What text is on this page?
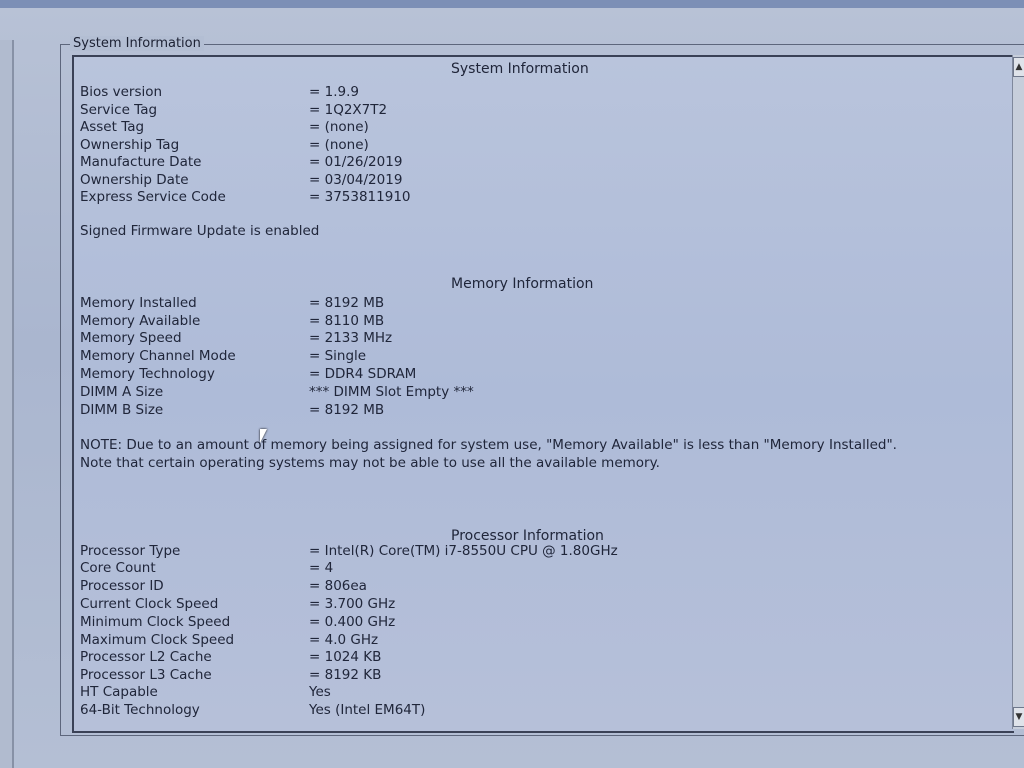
System Information
System Information
Bios version	= 1.9.9
Service Tag	= 1Q2X7T2
Asset Tag	= (none)
Ownership Tag	= (none)
Manufacture Date	= 01/26/2019
Ownership Date	= 03/04/2019
Express Service Code	= 3753811910
Signed Firmware Update is enabled
Memory Information
Memory Installed	= 8192 MB
Memory Available	= 8110 MB
Memory Speed	= 2133 MHz
Memory Channel Mode	= Single
Memory Technology	= DDR4 SDRAM
DIMM A Size	*** DIMM Slot Empty ***
DIMM B Size	= 8192 MB
NOTE: Due to an amount of memory being assigned for system use, "Memory Available" is less than "Memory Installed". Note that certain operating systems may not be able to use all the available memory.
Processor Information
Processor Type	= Intel(R) Core(TM) i7-8550U CPU @ 1.80GHz
Core Count	= 4
Processor ID	= 806ea
Current Clock Speed	= 3.700 GHz
Minimum Clock Speed	= 0.400 GHz
Maximum Clock Speed	= 4.0 GHz
Processor L2 Cache	= 1024 KB
Processor L3 Cache	= 8192 KB
HT Capable	Yes
64-Bit Technology	Yes (Intel EM64T)
▲
▼
